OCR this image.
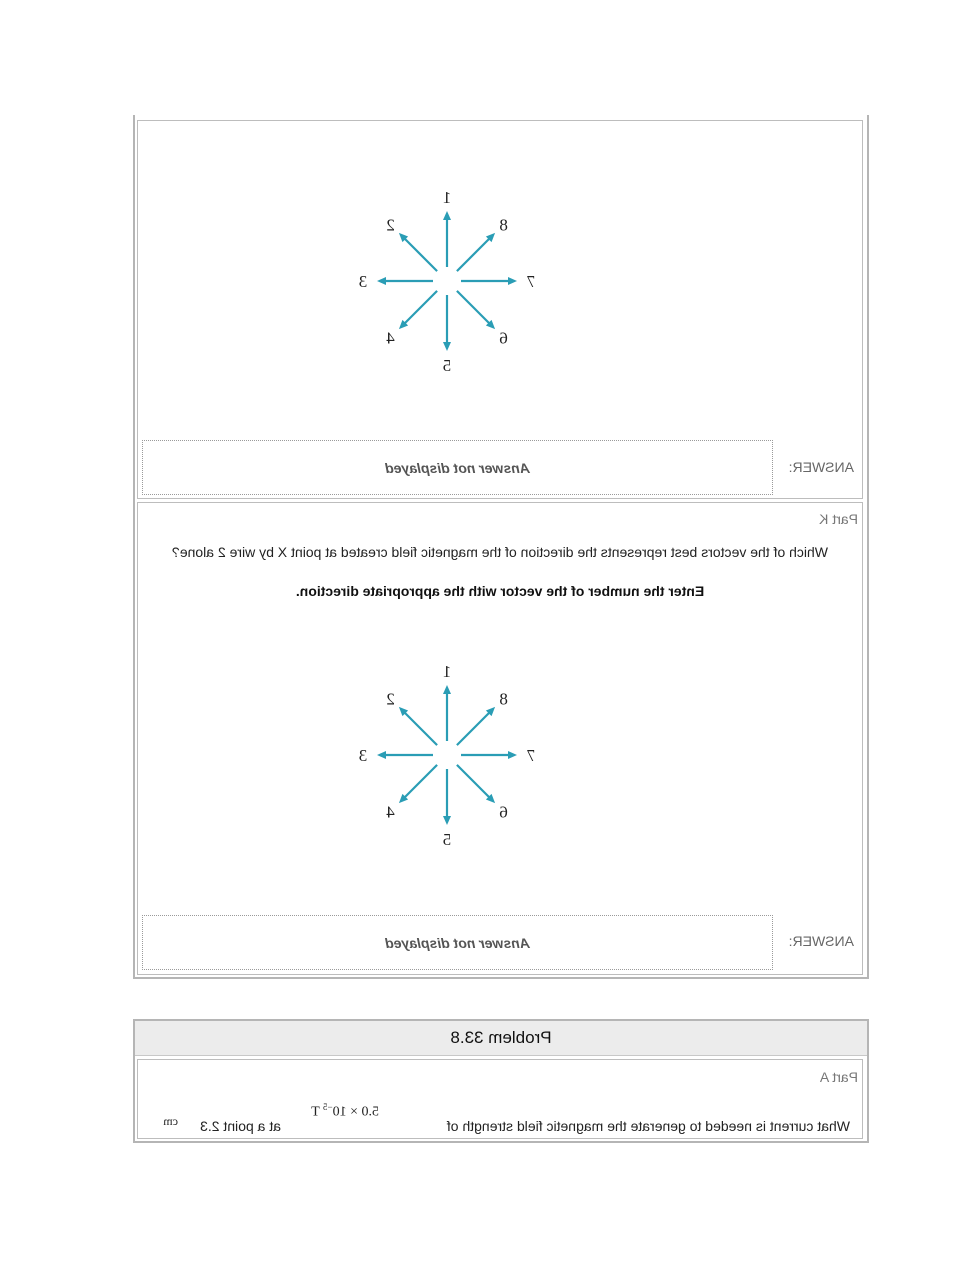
1
2
3
4
5
6
7
8
ANSWER:
Answer not displayed
Part K
Which of the vectors best represents the direction of the magnetic field created at point X by wire 2 alone?
Enter the number of the vector with the appropriate direction.
1
2
3
4
5
6
7
8
ANSWER:
Answer not displayed
Problem 33.8
Part A
What current is needed to generate the magnetic field strength of
$5.0 \times 10^{-5}$ T
at a point 2.3
cm
